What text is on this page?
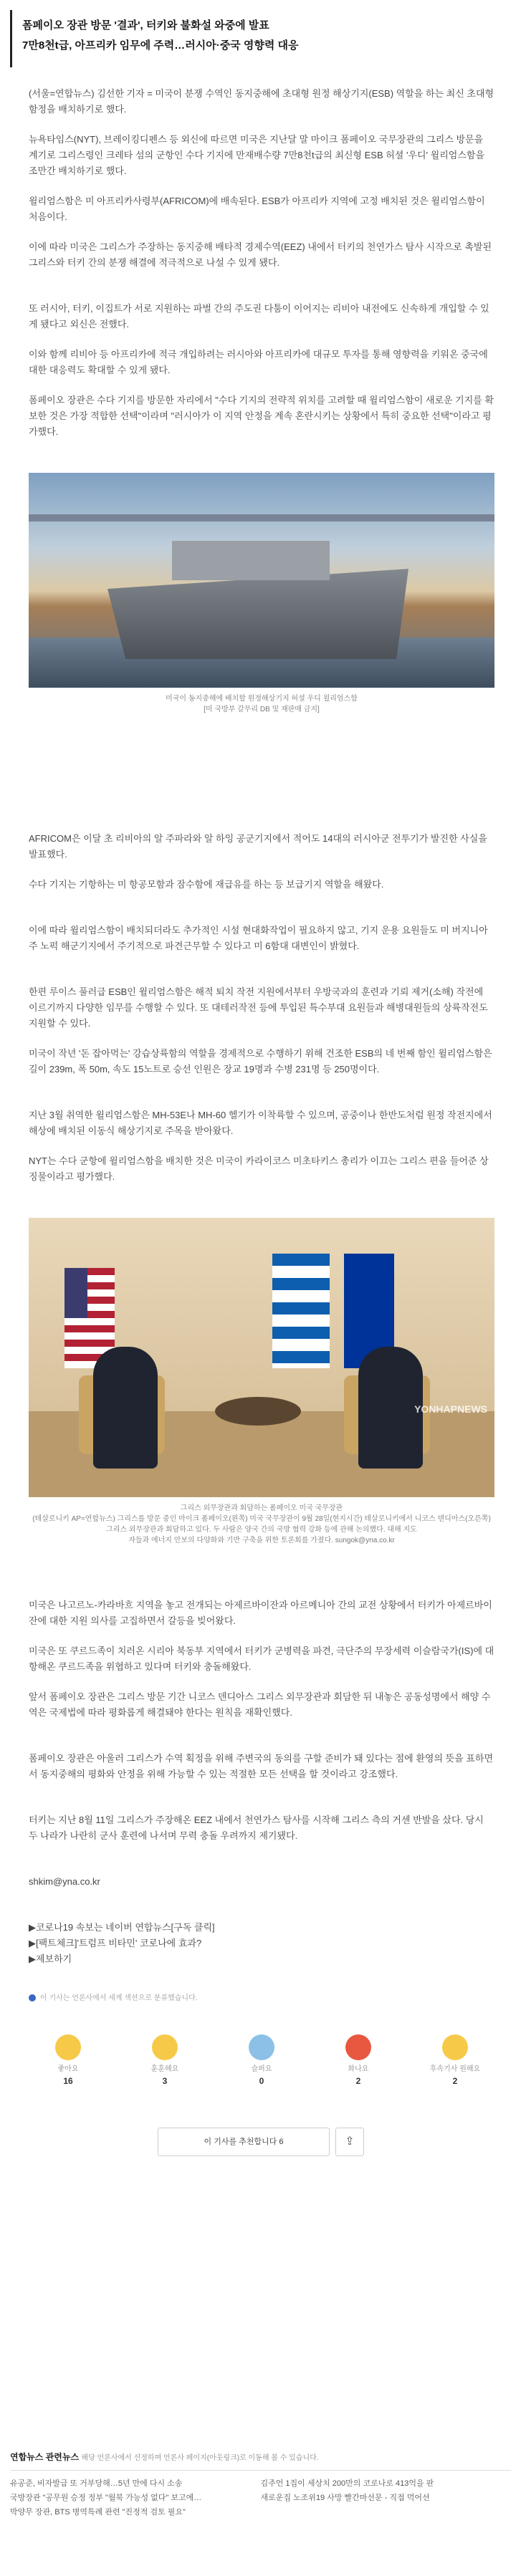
폼페이오 장관 방문 '결과', 터키와 불화설 와중에 발표

7만8천t급, 아프리카 임무에 주력…러시아·중국 영향력 대응

(서울=연합뉴스) 김선한 기자 = 미국이 분쟁 수역인 동지중해에 초대형 원정 해상기지(ESB) 역할을 하는 최신 초대형 함정을 배치하기로 했다.

뉴욕타임스(NYT), 브레이킹디펜스 등 외신에 따르면 미국은 지난달 말 마이크 폼페이오 국무장관의 그리스 방문을 계기로 그리스령인 크레타 섬의 군항인 수다 기지에 만재배수량 7만8천t급의 최신형 ESB 허셜 '우디' 윌리엄스함을 조만간 배치하기로 했다.

윌리엄스함은 미 아프리카사령부(AFRICOM)에 배속된다. ESB가 아프리카 지역에 고정 배치된 것은 윌리엄스함이 처음이다.

이에 따라 미국은 그리스가 주장하는 동지중해 배타적 경제수역(EEZ) 내에서 터키의 천연가스 탐사 시작으로 촉발된 그리스와 터키 간의 분쟁 해결에 적극적으로 나설 수 있게 됐다.

또 러시아, 터키, 이집트가 서로 지원하는 파벌 간의 주도권 다툼이 이어지는 리비아 내전에도 신속하게 개입할 수 있게 됐다고 외신은 전했다.

이와 함께 리비아 등 아프리카에 적극 개입하려는 러시아와 아프리카에 대규모 투자를 통해 영향력을 키워온 중국에 대한 대응력도 확대할 수 있게 됐다.

폼페이오 장관은 수다 기지를 방문한 자리에서 "수다 기지의 전략적 위치를 고려할 때 윌리엄스함이 새로운 기지를 확보한 것은 가장 적합한 선택"이라며 "러시아가 이 지역 안정을 계속 혼란시키는 상황에서 특히 중요한 선택"이라고 평가했다.

미국이 동지중해에 배치할 원정해상기지 허셜 우디 윌리엄스함
[미 국방부 갈무리 DB 및 재판매 금지]

AFRICOM은 이달 초 리비아의 알 주파라와 알 하잉 공군기지에서 적어도 14대의 러시아군 전투기가 발진한 사실을 발표했다.

수다 기지는 기항하는 미 항공모함과 잠수함에 재급유를 하는 등 보급기지 역할을 해왔다.

이에 따라 윌리엄스함이 배치되더라도 추가적인 시설 현대화작업이 필요하지 않고, 기지 운용 요원들도 미 버지니아주 노퍽 해군기지에서 주기적으로 파견근무할 수 있다고 미 6함대 대변인이 밝혔다.

한편 루이스 풀러급 ESB인 윌리엄스함은 해적 퇴치 작전 지원에서부터 우방국과의 훈련과 기뢰 제거(소해) 작전에 이르기까지 다양한 임무를 수행할 수 있다. 또 대테러작전 등에 투입된 특수부대 요원들과 해병대원들의 상륙작전도 지원할 수 있다.

미국이 작년 '돈 잡아먹는' 강습상륙함의 역할을 경제적으로 수행하기 위해 건조한 ESB의 네 번째 함인 윌리엄스함은 길이 239m, 폭 50m, 속도 15노트로 승선 인원은 장교 19명과 수병 231명 등 250명이다.

지난 3월 취역한 윌리엄스함은 MH-53E나 MH-60 헬기가 이착륙할 수 있으며, 공중이나 한반도처럼 원정 작전지에서 해상에 배치된 이동식 해상기지로 주목을 받아왔다.

NYT는 수다 군항에 윌리엄스함을 배치한 것은 미국이 카라이코스 미초타키스 총리가 이끄는 그리스 편을 들어준 상징물이라고 평가했다.

YONHAPNEWS
그리스 외무장관과 회담하는 폼페이오 미국 국무장관
(테살로니키 AP=연합뉴스) 그리스를 방문 중인 마이크 폼페이오(왼쪽) 미국 국무장관이 9월 28일(현지시간) 테살로니키에서 니코스 덴디아스(오른쪽) 그리스 외무장관과 회담하고 있다. 두 사람은 양국 간의 국방 협력 강화 등에 관해 논의했다. 대해 지도
자들과 에너지 안보의 다양화와 기반 구축을 위한 토론회를 가졌다. sungok@yna.co.kr

미국은 나고르노-카라바흐 지역을 놓고 전개되는 아제르바이잔과 아르메니아 간의 교전 상황에서 터키가 아제르바이잔에 대한 지원 의사를 고집하면서 갈등을 빚어왔다.

미국은 또 쿠르드족이 치러온 시리아 북동부 지역에서 터키가 군병력을 파견, 극단주의 무장세력 이슬람국가(IS)에 대항해온 쿠르드족을 위협하고 있다며 터키와 충돌해왔다.

앞서 폼페이오 장관은 그리스 방문 기간 니코스 덴디아스 그리스 외무장관과 회담한 뒤 내놓은 공동성명에서 해양 수역은 국제법에 따라 평화롭게 해결돼야 한다는 원칙을 재확인했다.

폼페이오 장관은 아울러 그리스가 수역 획정을 위해 주변국의 동의를 구할 준비가 돼 있다는 점에 환영의 뜻을 표하면서 동지중해의 평화와 안정을 위해 가능할 수 있는 적절한 모든 선택을 할 것이라고 강조했다.

터키는 지난 8월 11일 그리스가 주장해온 EEZ 내에서 천연가스 탐사를 시작해 그리스 측의 거센 반발을 샀다. 당시 두 나라가 나란히 군사 훈련에 나서며 무력 충돌 우려까지 제기됐다.

shkim@yna.co.kr

▶코로나19 속보는 네이버 연합뉴스[구독 클릭]
▶[팩트체크]'트럼프 비타민' 코로나에 효과?
▶제보하기
이 기사는 언론사에서 세계 섹션으로 분류했습니다.
좋아요
16
훈훈해요
3
슬퍼요
0
화나요
2
후속기사 원해요
2
이 기사를 추천합니다 6	⇪
연합뉴스 관련뉴스 해당 언론사에서 선정하며 언론사 페이지(아웃링크)로 이동해 볼 수 있습니다.
유공준, 비자발급 또 거부당해…5년 만에 다시 소송	김주언 1집이 세상치 200만의 코로나로 413억을 판
국방장관 "공무원 승정 정부 "월북 가능성 없다" 보고에…	새로운집 노조위19 사망 빨간마선문 - 직접 먹어선
박양무 장관, BTS 병역특례 관련 "진정적 검토 필요"
